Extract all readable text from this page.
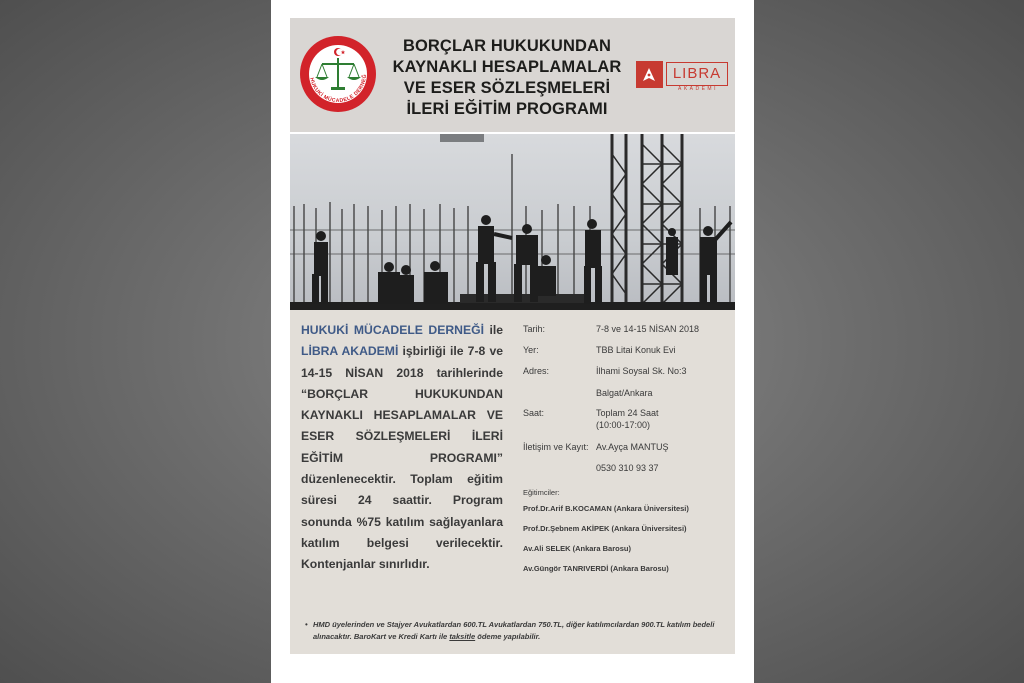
HUKUKİ MÜCADELE DERNEĞ
BORÇLAR HUKUKUNDAN
KAYNAKLI HESAPLAMALAR
VE ESER SÖZLEŞMELERİ
İLERİ EĞİTİM PROGRAMI
LIBRA
AKADEMİ
HUKUKİ MÜCADELE DERNEĞİ ile LİBRA AKADEMİ işbirliği ile 7-8 ve 14-15 NİSAN 2018 tarihlerinde “BORÇLAR HUKUKUNDAN KAYNAKLI HESAPLAMALAR VE ESER SÖZLEŞMELERİ İLERİ EĞİTİM PROGRAMI” düzenlenecektir. Toplam eğitim süresi 24 saattir. Program sonunda %75 katılım sağlayanlara katılım belgesi verilecektir. Kontenjanlar sınırlıdır.
Tarih:	7-8 ve 14-15 NİSAN 2018
Yer:	TBB Litai Konuk Evi
Adres:	İlhami Soysal Sk. No:3
Balgat/Ankara
Saat:	Toplam 24 Saat
(10:00-17:00)
İletişim ve Kayıt: Av.Ayça MANTUŞ
0530 310 93 37
Eğitimciler:
Prof.Dr.Arif B.KOCAMAN (Ankara Üniversitesi)
Prof.Dr.Şebnem AKİPEK (Ankara Üniversitesi)
Av.Ali SELEK (Ankara Barosu)
Av.Güngör TANRIVERDİ (Ankara Barosu)
• HMD üyelerinden ve Stajyer Avukatlardan 600.TL Avukatlardan 750.TL, diğer katılımcılardan 900.TL katılım bedeli alınacaktır. BaroKart ve Kredi Kartı ile taksitle ödeme yapılabilir.
